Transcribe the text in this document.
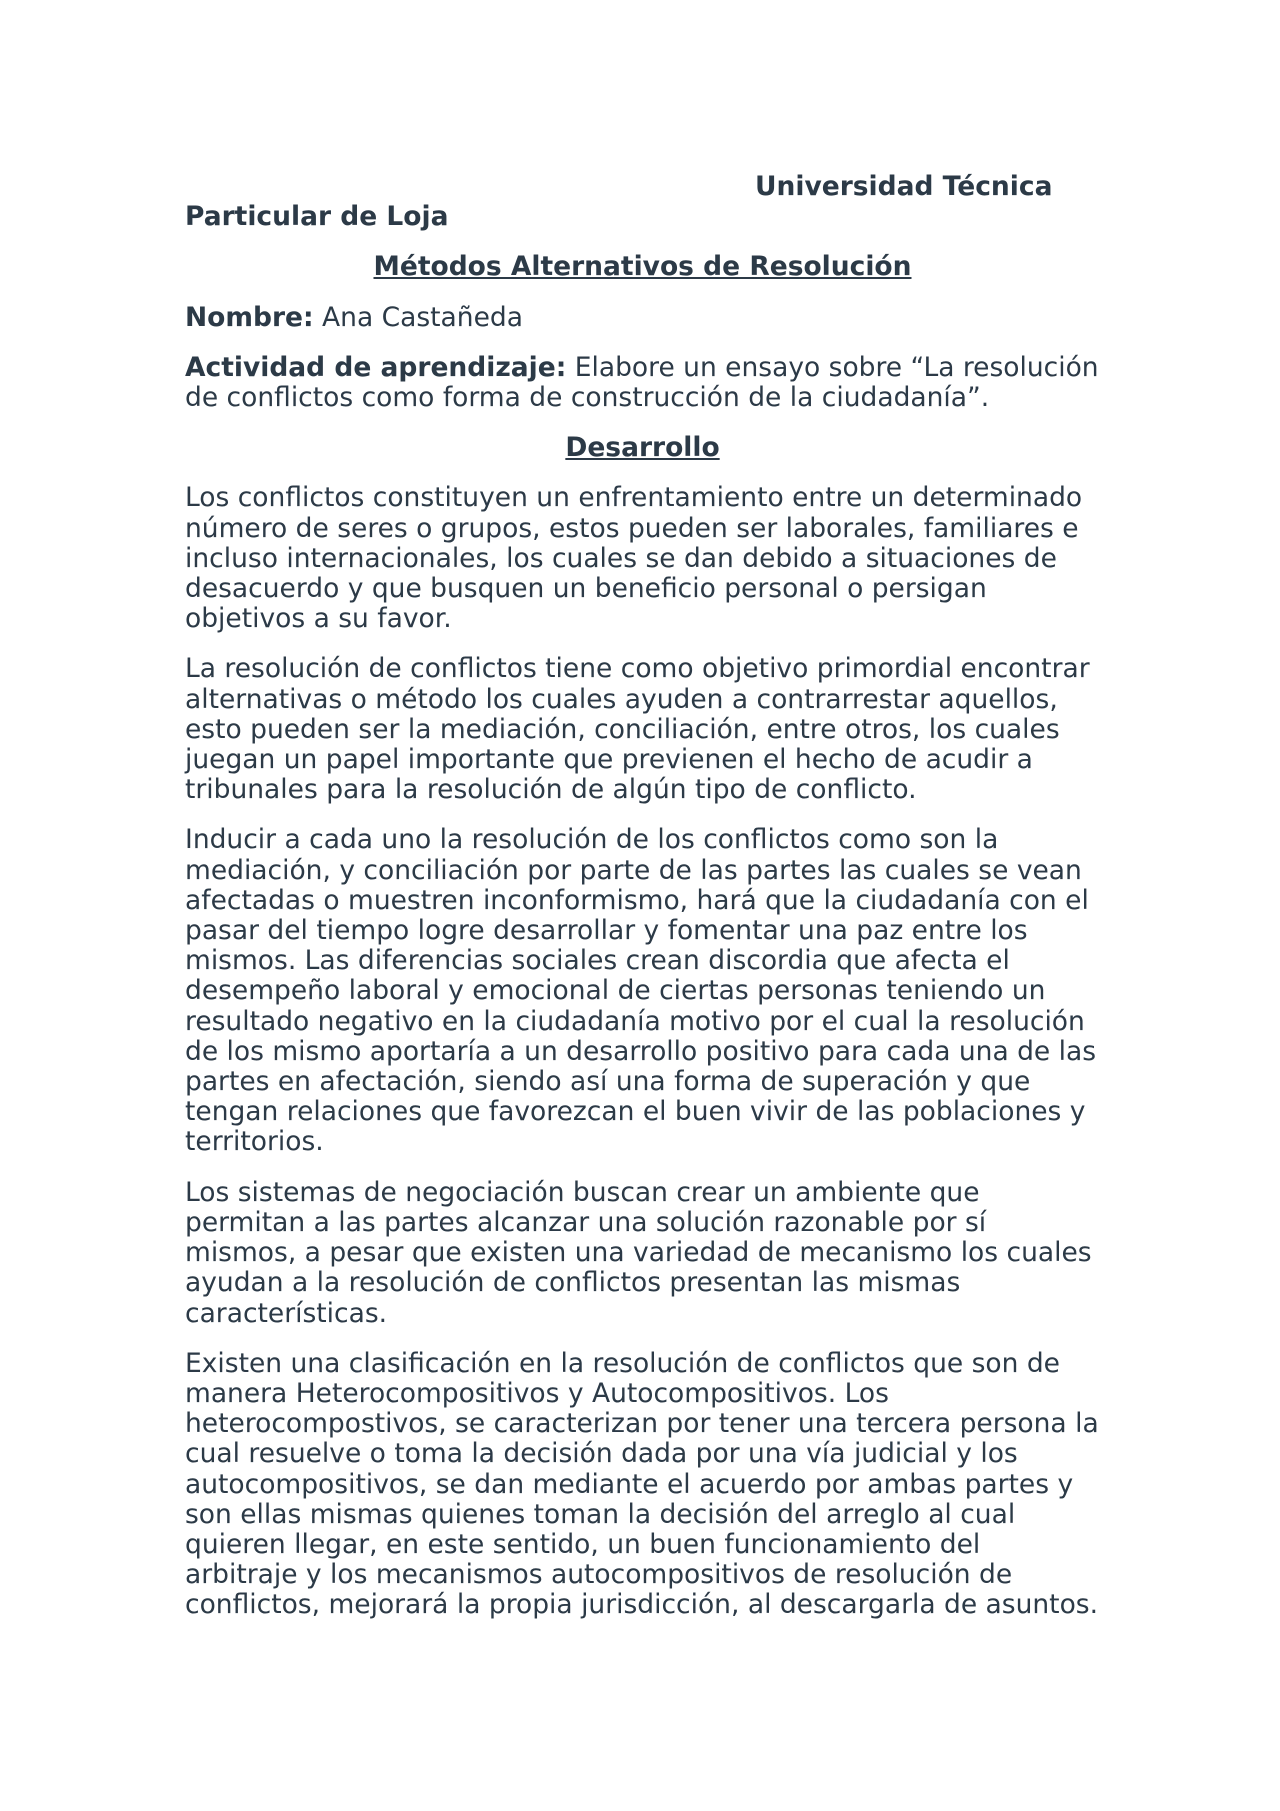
Universidad Técnica
Particular de Loja
Métodos Alternativos de Resolución
Nombre: Ana Castañeda
Actividad de aprendizaje: Elabore un ensayo sobre “La resolución de conflictos como forma de construcción de la ciudadanía”.
Desarrollo

Los conflictos constituyen un enfrentamiento entre un determinado número de seres o grupos, estos pueden ser laborales, familiares e incluso internacionales, los cuales se dan debido a situaciones de desacuerdo y que busquen un beneficio personal o persigan objetivos a su favor.

La resolución de conflictos tiene como objetivo primordial encontrar alternativas o método los cuales ayuden a contrarrestar aquellos, esto pueden ser la mediación, conciliación, entre otros, los cuales juegan un papel importante que previenen el hecho de acudir a tribunales para la resolución de algún tipo de conflicto.

Inducir a cada uno la resolución de los conflictos como son la mediación, y conciliación por parte de las partes las cuales se vean afectadas o muestren inconformismo, hará que la ciudadanía con el pasar del tiempo logre desarrollar y fomentar una paz entre los mismos. Las diferencias sociales crean discordia que afecta el desempeño laboral y emocional de ciertas personas teniendo un resultado negativo en la ciudadanía motivo por el cual la resolución de los mismo aportaría a un desarrollo positivo para cada una de las partes en afectación, siendo así una forma de superación y que tengan relaciones que favorezcan el buen vivir de las poblaciones y territorios.

Los sistemas de negociación buscan crear un ambiente que permitan a las partes alcanzar una solución razonable por sí mismos, a pesar que existen una variedad de mecanismo los cuales ayudan a la resolución de conflictos presentan las mismas características.

Existen una clasificación en la resolución de conflictos que son de manera Heterocompositivos y Autocompositivos. Los heterocompostivos, se caracterizan por tener una tercera persona la cual resuelve o toma la decisión dada por una vía judicial y los autocompositivos, se dan mediante el acuerdo por ambas partes y son ellas mismas quienes toman la decisión del arreglo al cual quieren llegar, en este sentido, un buen funcionamiento del arbitraje y los mecanismos autocompositivos de resolución de conflictos, mejorará la propia jurisdicción, al descargarla de asuntos.
